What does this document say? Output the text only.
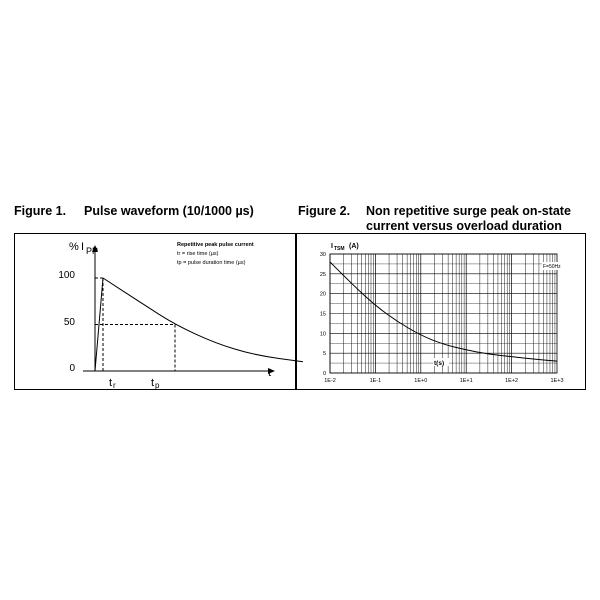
Figure 1. Pulse waveform (10/1000 µs)	Figure 2. Non repetitive surge peak on-state current versus overload duration
% I PP
t
100
50
0
t r	t p
Repetitive peak pulse current
tr = rise time (µs)
tp = pulse duration time (µs)
30
25
20
15
10
5
0
1E-2	1E-1	1E+0	1E+1	1E+2	1E+3
I TSM (A)
t(s)
F=50Hz
